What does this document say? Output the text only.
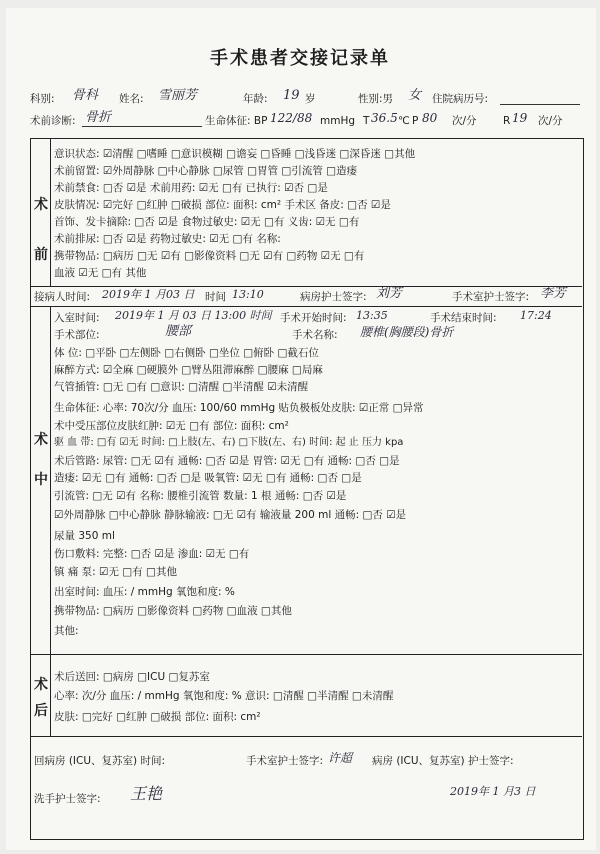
手术患者交接记录单
科别: 骨科 姓名: 雪丽芳	年龄: 19 岁	性别:男 女 住院病历号:
术前诊断: 骨折	生命体征: BP 122/88 mmHg T 36.5 ℃ P 80 次/分	R 19 次/分
术前
意识状态: ☑清醒 □嗜睡 □意识模糊 □谵妄 □昏睡 □浅昏迷 □深昏迷 □其他
术前留置: ☑外周静脉 □中心静脉 □尿管 □胃管 □引流管 □造瘘
术前禁食: □否 ☑是 术前用药: ☑无 □有 已执行: ☑否 □是
皮肤情况: ☑完好 □红肿 □破损 部位: 面积: cm² 手术区 备皮: □否 ☑是
首饰、发卡摘除: □否 ☑是 食物过敏史: ☑无 □有 义齿: ☑无 □有
术前排尿: □否 ☑是 药物过敏史: ☑无 □有 名称:
携带物品: □病历 □无 ☑有 □影像资料 □无 ☑有 □药物 ☑无 □有
血液 ☑无 □有 其他
接病人时间: 2019年 1 月03 日 时间 13:10	病房护士签字: 刘芳	手术室护士签字: 李芳
术中
入室时间: 2019年 1 月 03 日 13:00 时间 手术开始时间: 13:35	手术结束时间: 17:24
手术部位:	腰部	手术名称: 腰椎(胸腰段)骨折
体 位: □平卧 □左侧卧 □右侧卧 □坐位 □俯卧 □截石位
麻醉方式: ☑全麻 □硬膜外 □臂丛阻滞麻醉 □腰麻 □局麻
气管插管: □无 □有 □意识: □清醒 □半清醒 ☑未清醒
生命体征: 心率: 70次/分 血压: 100/60 mmHg 贴负极板处皮肤: ☑正常 □异常
术中受压部位皮肤红肿: ☑无 □有 部位: 面积: cm²
驱 血 带: □有 ☑无 时间: □上肢(左、右) □下肢(左、右) 时间: 起 止 压力 kpa
术后管路: 尿管: □无 ☑有 通畅: □否 ☑是 胃管: ☑无 □有 通畅: □否 □是
造瘘: ☑无 □有 通畅: □否 □是 吸氧管: ☑无 □有 通畅: □否 □是
引流管: □无 ☑有 名称: 腰椎引流管 数量: 1 根 通畅: □否 ☑是
☑外周静脉 □中心静脉 静脉输液: □无 ☑有 输液量 200 ml 通畅: □否 ☑是
尿量 350 ml
伤口敷料: 完整: □否 ☑是 渗血: ☑无 □有
镇 痛 泵: ☑无 □有 □其他
出室时间: 血压: / mmHg 氧饱和度: %
携带物品: □病历 □影像资料 □药物 □血液 □其他
其他:
术后
术后送回: □病房 □ICU □复苏室
心率: 次/分 血压: / mmHg 氧饱和度: % 意识: □清醒 □半清醒 □未清醒
皮肤: □完好 □红肿 □破损 部位: 面积: cm²
回病房 (ICU、复苏室) 时间:	手术室护士签字: 许超 病房 (ICU、复苏室) 护士签字:
洗手护士签字: 王艳	2019年 1 月3 日
